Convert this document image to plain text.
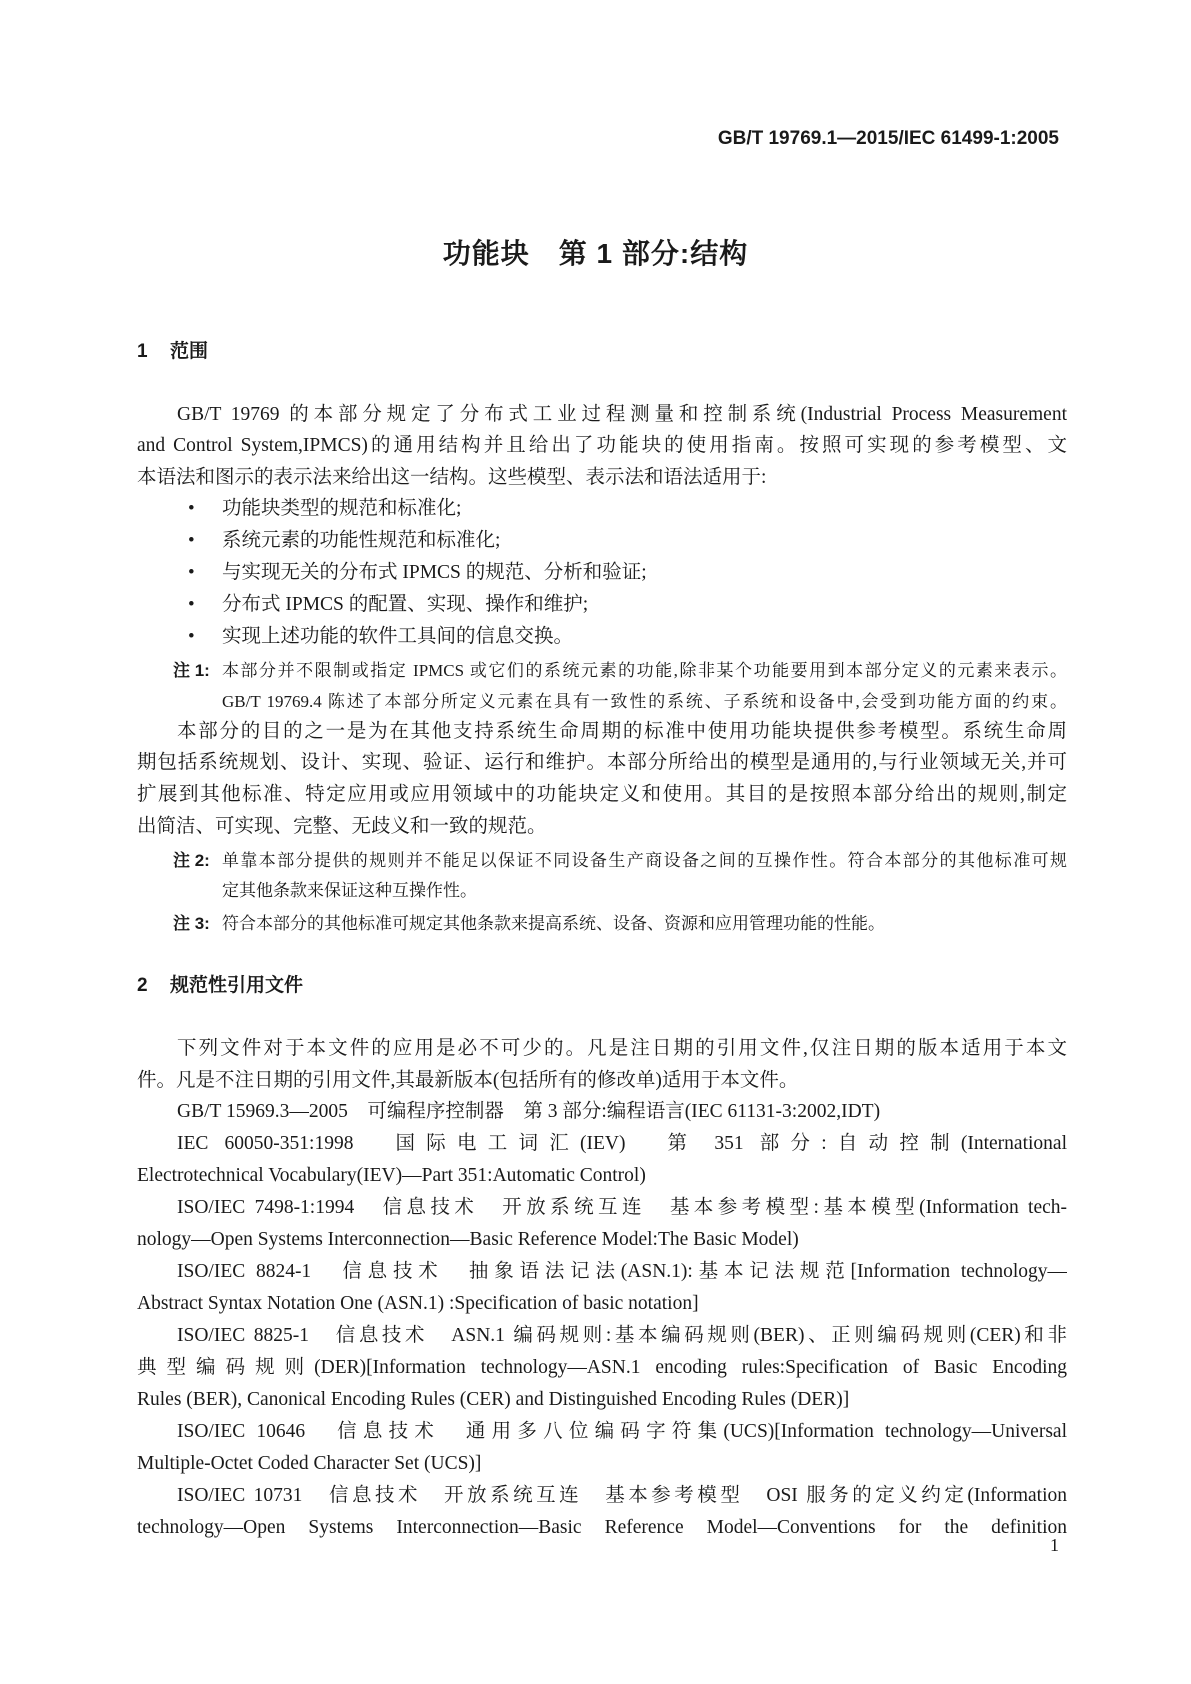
GB/T 19769.1—2015/IEC 61499-1:2005
功能块　第 1 部分:结构
1 范围
GB/T 19769 的本部分规定了分布式工业过程测量和控制系统(Industrial Process Measurement
and Control System,IPMCS)的通用结构并且给出了功能块的使用指南。按照可实现的参考模型、文
本语法和图示的表示法来给出这一结构。这些模型、表示法和语法适用于:
• 功能块类型的规范和标准化;
• 系统元素的功能性规范和标准化;
• 与实现无关的分布式 IPMCS 的规范、分析和验证;
• 分布式 IPMCS 的配置、实现、操作和维护;
• 实现上述功能的软件工具间的信息交换。
注 1: 本部分并不限制或指定 IPMCS 或它们的系统元素的功能,除非某个功能要用到本部分定义的元素来表示。
GB/T 19769.4 陈述了本部分所定义元素在具有一致性的系统、子系统和设备中,会受到功能方面的约束。
本部分的目的之一是为在其他支持系统生命周期的标准中使用功能块提供参考模型。系统生命周
期包括系统规划、设计、实现、验证、运行和维护。本部分所给出的模型是通用的,与行业领域无关,并可
扩展到其他标准、特定应用或应用领域中的功能块定义和使用。其目的是按照本部分给出的规则,制定
出简洁、可实现、完整、无歧义和一致的规范。
注 2: 单靠本部分提供的规则并不能足以保证不同设备生产商设备之间的互操作性。符合本部分的其他标准可规
定其他条款来保证这种互操作性。
注 3: 符合本部分的其他标准可规定其他条款来提高系统、设备、资源和应用管理功能的性能。
2 规范性引用文件
下列文件对于本文件的应用是必不可少的。凡是注日期的引用文件,仅注日期的版本适用于本文
件。凡是不注日期的引用文件,其最新版本(包括所有的修改单)适用于本文件。
GB/T 15969.3—2005　可编程序控制器　第 3 部分:编程语言(IEC 61131-3:2002,IDT)
IEC 60050-351:1998　国际电工词汇(IEV)　第 351 部分:自动控制(International
Electrotechnical Vocabulary(IEV)—Part 351:Automatic Control)
ISO/IEC 7498-1:1994　信息技术　开放系统互连　基本参考模型:基本模型(Information tech-
nology—Open Systems Interconnection—Basic Reference Model:The Basic Model)
ISO/IEC 8824-1　信息技术　抽象语法记法(ASN.1):基本记法规范[Information technology—
Abstract Syntax Notation One (ASN.1) :Specification of basic notation]
ISO/IEC 8825-1　信息技术　ASN.1 编码规则:基本编码规则(BER)、正则编码规则(CER)和非
典型编码规则(DER)[Information technology—ASN.1 encoding rules:Specification of Basic Encoding
Rules (BER), Canonical Encoding Rules (CER) and Distinguished Encoding Rules (DER)]
ISO/IEC 10646　信息技术　通用多八位编码字符集(UCS)[Information technology—Universal
Multiple-Octet Coded Character Set (UCS)]
ISO/IEC 10731　信息技术　开放系统互连　基本参考模型　OSI 服务的定义约定(Information
technology—Open Systems Interconnection—Basic Reference Model—Conventions for the definition
1
